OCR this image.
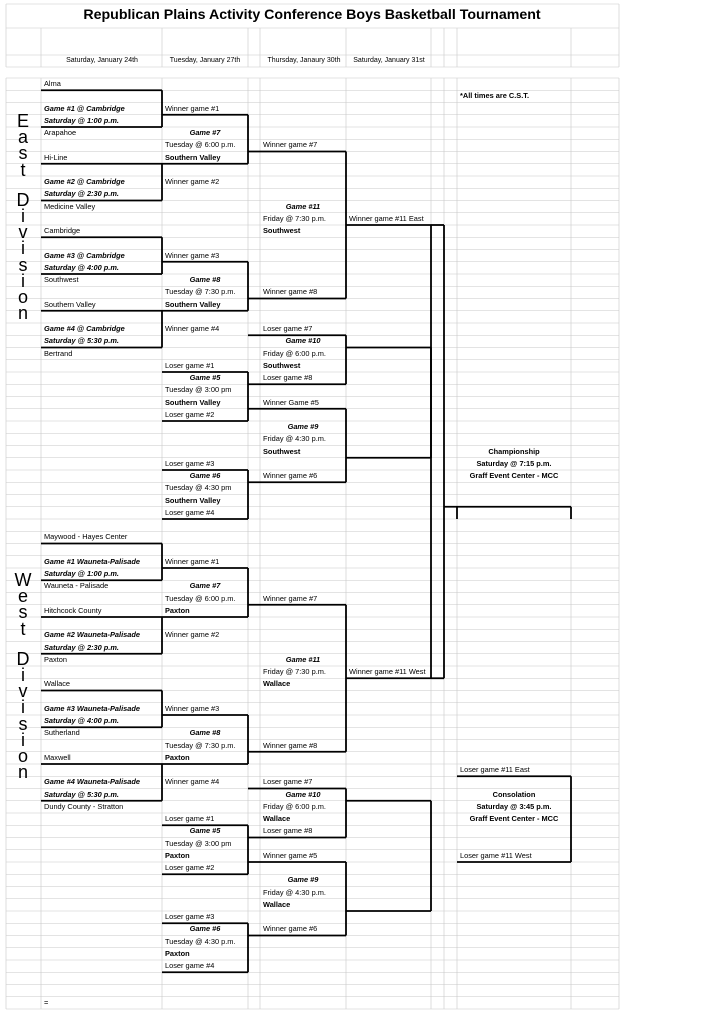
Republican Plains Activity Conference Boys Basketball Tournament
Saturday, January 24th	Tuesday, January 27th	Thursday, Janaury 30th	Saturday, January 31st
*All times are C.S.T.
Alma
Arapahoe
Hi-Line
Medicine Valley
Cambridge
Southwest
Southern Valley
Bertrand
Game #1 @ Cambridge
Saturday @ 1:00 p.m.
Game #2 @ Cambridge
Saturday @ 2:30 p.m.
Game #3 @ Cambridge
Saturday @ 4:00 p.m.
Game #4 @ Cambridge
Saturday @ 5:30 p.m.
Winner game #1
Winner game #2
Winner game #3
Winner game #4
Game #7
Tuesday @ 6:00 p.m.
Southern Valley
Game #8
Tuesday @ 7:30 p.m.
Southern Valley
Winner game #7
Winner game #8
Game #11
Friday @ 7:30 p.m.
Southwest
Winner game #11 East
Loser game #1
Game #5
Tuesday @ 3:00 pm
Southern Valley
Loser game #2
Loser game #3
Game #6
Tuesday @ 4:30 pm
Southern Valley
Loser game #4
Loser game #7
Game #10
Friday @ 6:00 p.m.
Southwest
Loser game #8
Winner Game #5
Game #9
Friday @ 4:30 p.m.
Southwest
Winner game #6
Maywood - Hayes Center
Wauneta - Palisade
Hitchcock County
Paxton
Wallace
Sutherland
Maxwell
Dundy County - Stratton
Game #1 Wauneta-Palisade
Saturday @ 1:00 p.m.
Game #2 Wauneta-Palisade
Saturday @ 2:30 p.m.
Game #3 Wauneta-Palisade
Saturday @ 4:00 p.m.
Game #4 Wauneta-Palisade
Saturday @ 5:30 p.m.
Winner game #1
Winner game #2
Winner game #3
Winner game #4
Game #7
Tuesday @ 6:00 p.m.
Paxton
Game #8
Tuesday @ 7:30 p.m.
Paxton
Winner game #7
Winner game #8
Game #11
Friday @ 7:30 p.m.
Wallace
Winner game #11 West
Loser game #1
Game #5
Tuesday @ 3:00 pm
Paxton
Loser game #2
Loser game #3
Game #6
Tuesday @ 4:30 p.m.
Paxton
Loser game #4
Loser game #7
Game #10
Friday @ 6:00 p.m.
Wallace
Loser game #8
Winner game #5
Game #9
Friday @ 4:30 p.m.
Wallace
Winner game #6
Championship
Saturday @ 7:15 p.m.
Graff Event Center - MCC
Loser game #11 East
Consolation
Saturday @ 3:45 p.m.
Graff Event Center - MCC
Loser game #11 West
=
E
a
s
t
D
i
v
i
s
i
o
n
W
e
s
t
D
i
v
i
s
i
o
n
